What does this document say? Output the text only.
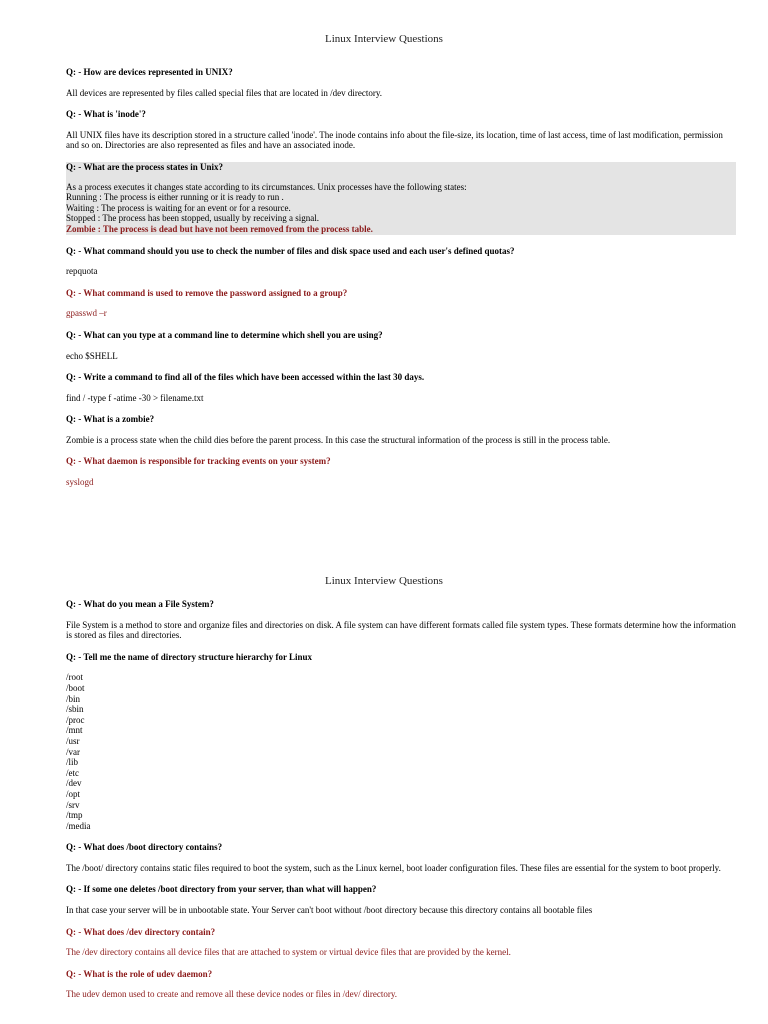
Linux Interview Questions
Q: - How are devices represented in UNIX?
All devices are represented by files called special files that are located in /dev directory.
Q: - What is 'inode'?
All UNIX files have its description stored in a structure called 'inode'. The inode contains info about the file-size, its location, time of last access, time of last modification, permission and so on. Directories are also represented as files and have an associated inode.
Q: - What are the process states in Unix?
As a process executes it changes state according to its circumstances. Unix processes have the following states:
Running : The process is either running or it is ready to run .
Waiting : The process is waiting for an event or for a resource.
Stopped : The process has been stopped, usually by receiving a signal.
Zombie : The process is dead but have not been removed from the process table.
Q: - What command should you use to check the number of files and disk space used and each user's defined quotas?
repquota
Q: - What command is used to remove the password assigned to a group?
gpasswd –r
Q: - What can you type at a command line to determine which shell you are using?
echo $SHELL
Q: - Write a command to find all of the files which have been accessed within the last 30 days.
find / -type f -atime -30 > filename.txt
Q: - What is a zombie?
Zombie is a process state when the child dies before the parent process. In this case the structural information of the process is still in the process table.
Q: - What daemon is responsible for tracking events on your system?
syslogd
Linux Interview Questions
Q: - What do you mean a File System?
File System is a method to store and organize files and directories on disk. A file system can have different formats called file system types. These formats determine how the information is stored as files and directories.
Q: - Tell me the name of directory structure hierarchy for Linux
/root
/boot
/bin
/sbin
/proc
/mnt
/usr
/var
/lib
/etc
/dev
/opt
/srv
/tmp
/media
Q: - What does /boot directory contains?
The /boot/ directory contains static files required to boot the system, such as the Linux kernel, boot loader configuration files. These files are essential for the system to boot properly.
Q: - If some one deletes /boot directory from your server, than what will happen?
In that case your server will be in unbootable state. Your Server can't boot without /boot directory because this directory contains all bootable files
Q: - What does /dev directory contain?
The /dev directory contains all device files that are attached to system or virtual device files that are provided by the kernel.
Q: - What is the role of udev daemon?
The udev demon used to create and remove all these device nodes or files in /dev/ directory.
